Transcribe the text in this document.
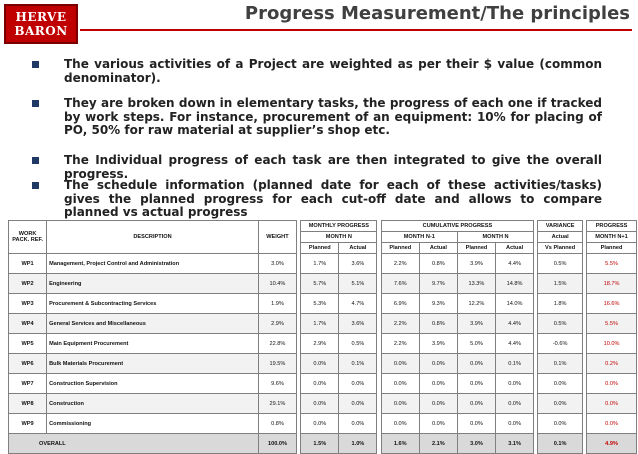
HERVE
BARON
Progress Measurement/The principles
The various activities of a Project are weighted as per their $ value (common denominator).
They are broken down in elementary tasks, the progress of each one if tracked by work steps. For instance, procurement of an equipment: 10% for placing of PO, 50% for raw material at supplier’s shop etc.
The Individual progress of each task are then integrated to give the overall progress.
The schedule information (planned date for each of these activities/tasks) gives the planned progress for each cut-off date and allows to compare planned vs actual progress
WORK PACK. REF.	DESCRIPTION	WEIGHT		MONTHLY PROGRESS			CUMULATIVE PROGRESS					VARIANCE		PROGRESS
				MONTH N			MONTH N-1		MONTH N			Actual		MONTH N+1
				Planned	Actual		Planned	Actual	Planned	Actual		Vs Planned		Planned
WP1	Management, Project Control and Administration	3.0%		1.7%	3.6%		2.2%	0.8%	3.9%	4.4%		0.5%		5.5%
WP2	Engineering	10.4%		5.7%	5.1%		7.6%	9.7%	13.3%	14.8%		1.5%		18.7%
WP3	Procurement & Subcontracting Services	1.9%		5.3%	4.7%		6.9%	9.3%	12.2%	14.0%		1.8%		16.6%
WP4	General Services and Miscellaneous	2.9%		1.7%	3.6%		2.2%	0.8%	3.9%	4.4%		0.5%		5.5%
WP5	Main Equipment Procurement	22.8%		2.9%	0.5%		2.2%	3.9%	5.0%	4.4%		-0.6%		10.0%
WP6	Bulk Materials Procurement	19.5%		0.0%	0.1%		0.0%	0.0%	0.0%	0.1%		0.1%		0.2%
WP7	Construction Supervision	9.6%		0.0%	0.0%		0.0%	0.0%	0.0%	0.0%		0.0%		0.0%
WP8	Construction	29.1%		0.0%	0.0%		0.0%	0.0%	0.0%	0.0%		0.0%		0.0%
WP9	Commissioning	0.8%		0.0%	0.0%		0.0%	0.0%	0.0%	0.0%		0.0%		0.0%
OVERALL		100.0%		1.5%	1.0%		1.6%	2.1%	3.0%	3.1%		0.1%		4.9%
